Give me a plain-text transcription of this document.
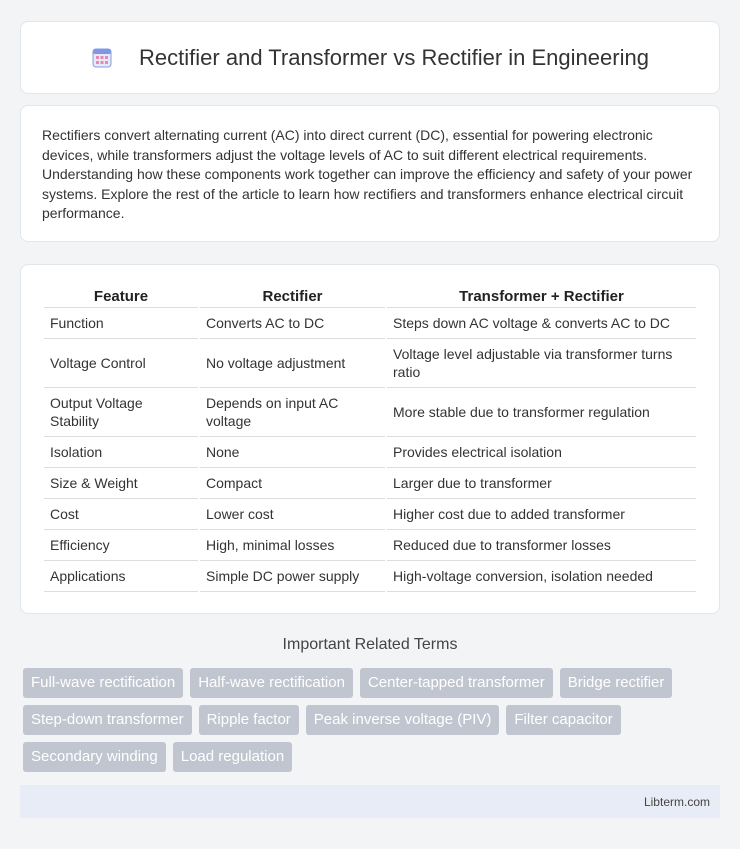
Rectifier and Transformer vs Rectifier in Engineering

Rectifiers convert alternating current (AC) into direct current (DC), essential for powering electronic devices, while transformers adjust the voltage levels of AC to suit different electrical requirements. Understanding how these components work together can improve the efficiency and safety of your power systems. Explore the rest of the article to learn how rectifiers and transformers enhance electrical circuit performance.

Feature	Rectifier	Transformer + Rectifier
Function	Converts AC to DC	Steps down AC voltage & converts AC to DC
Voltage Control	No voltage adjustment	Voltage level adjustable via transformer turns ratio
Output Voltage Stability	Depends on input AC voltage	More stable due to transformer regulation
Isolation	None	Provides electrical isolation
Size & Weight	Compact	Larger due to transformer
Cost	Lower cost	Higher cost due to added transformer
Efficiency	High, minimal losses	Reduced due to transformer losses
Applications	Simple DC power supply	High-voltage conversion, isolation needed
Important Related Terms
Full-wave rectification	Half-wave rectification	Center-tapped transformer	Bridge rectifier
Step-down transformer	Ripple factor	Peak inverse voltage (PIV)	Filter capacitor
Secondary winding	Load regulation
Libterm.com
